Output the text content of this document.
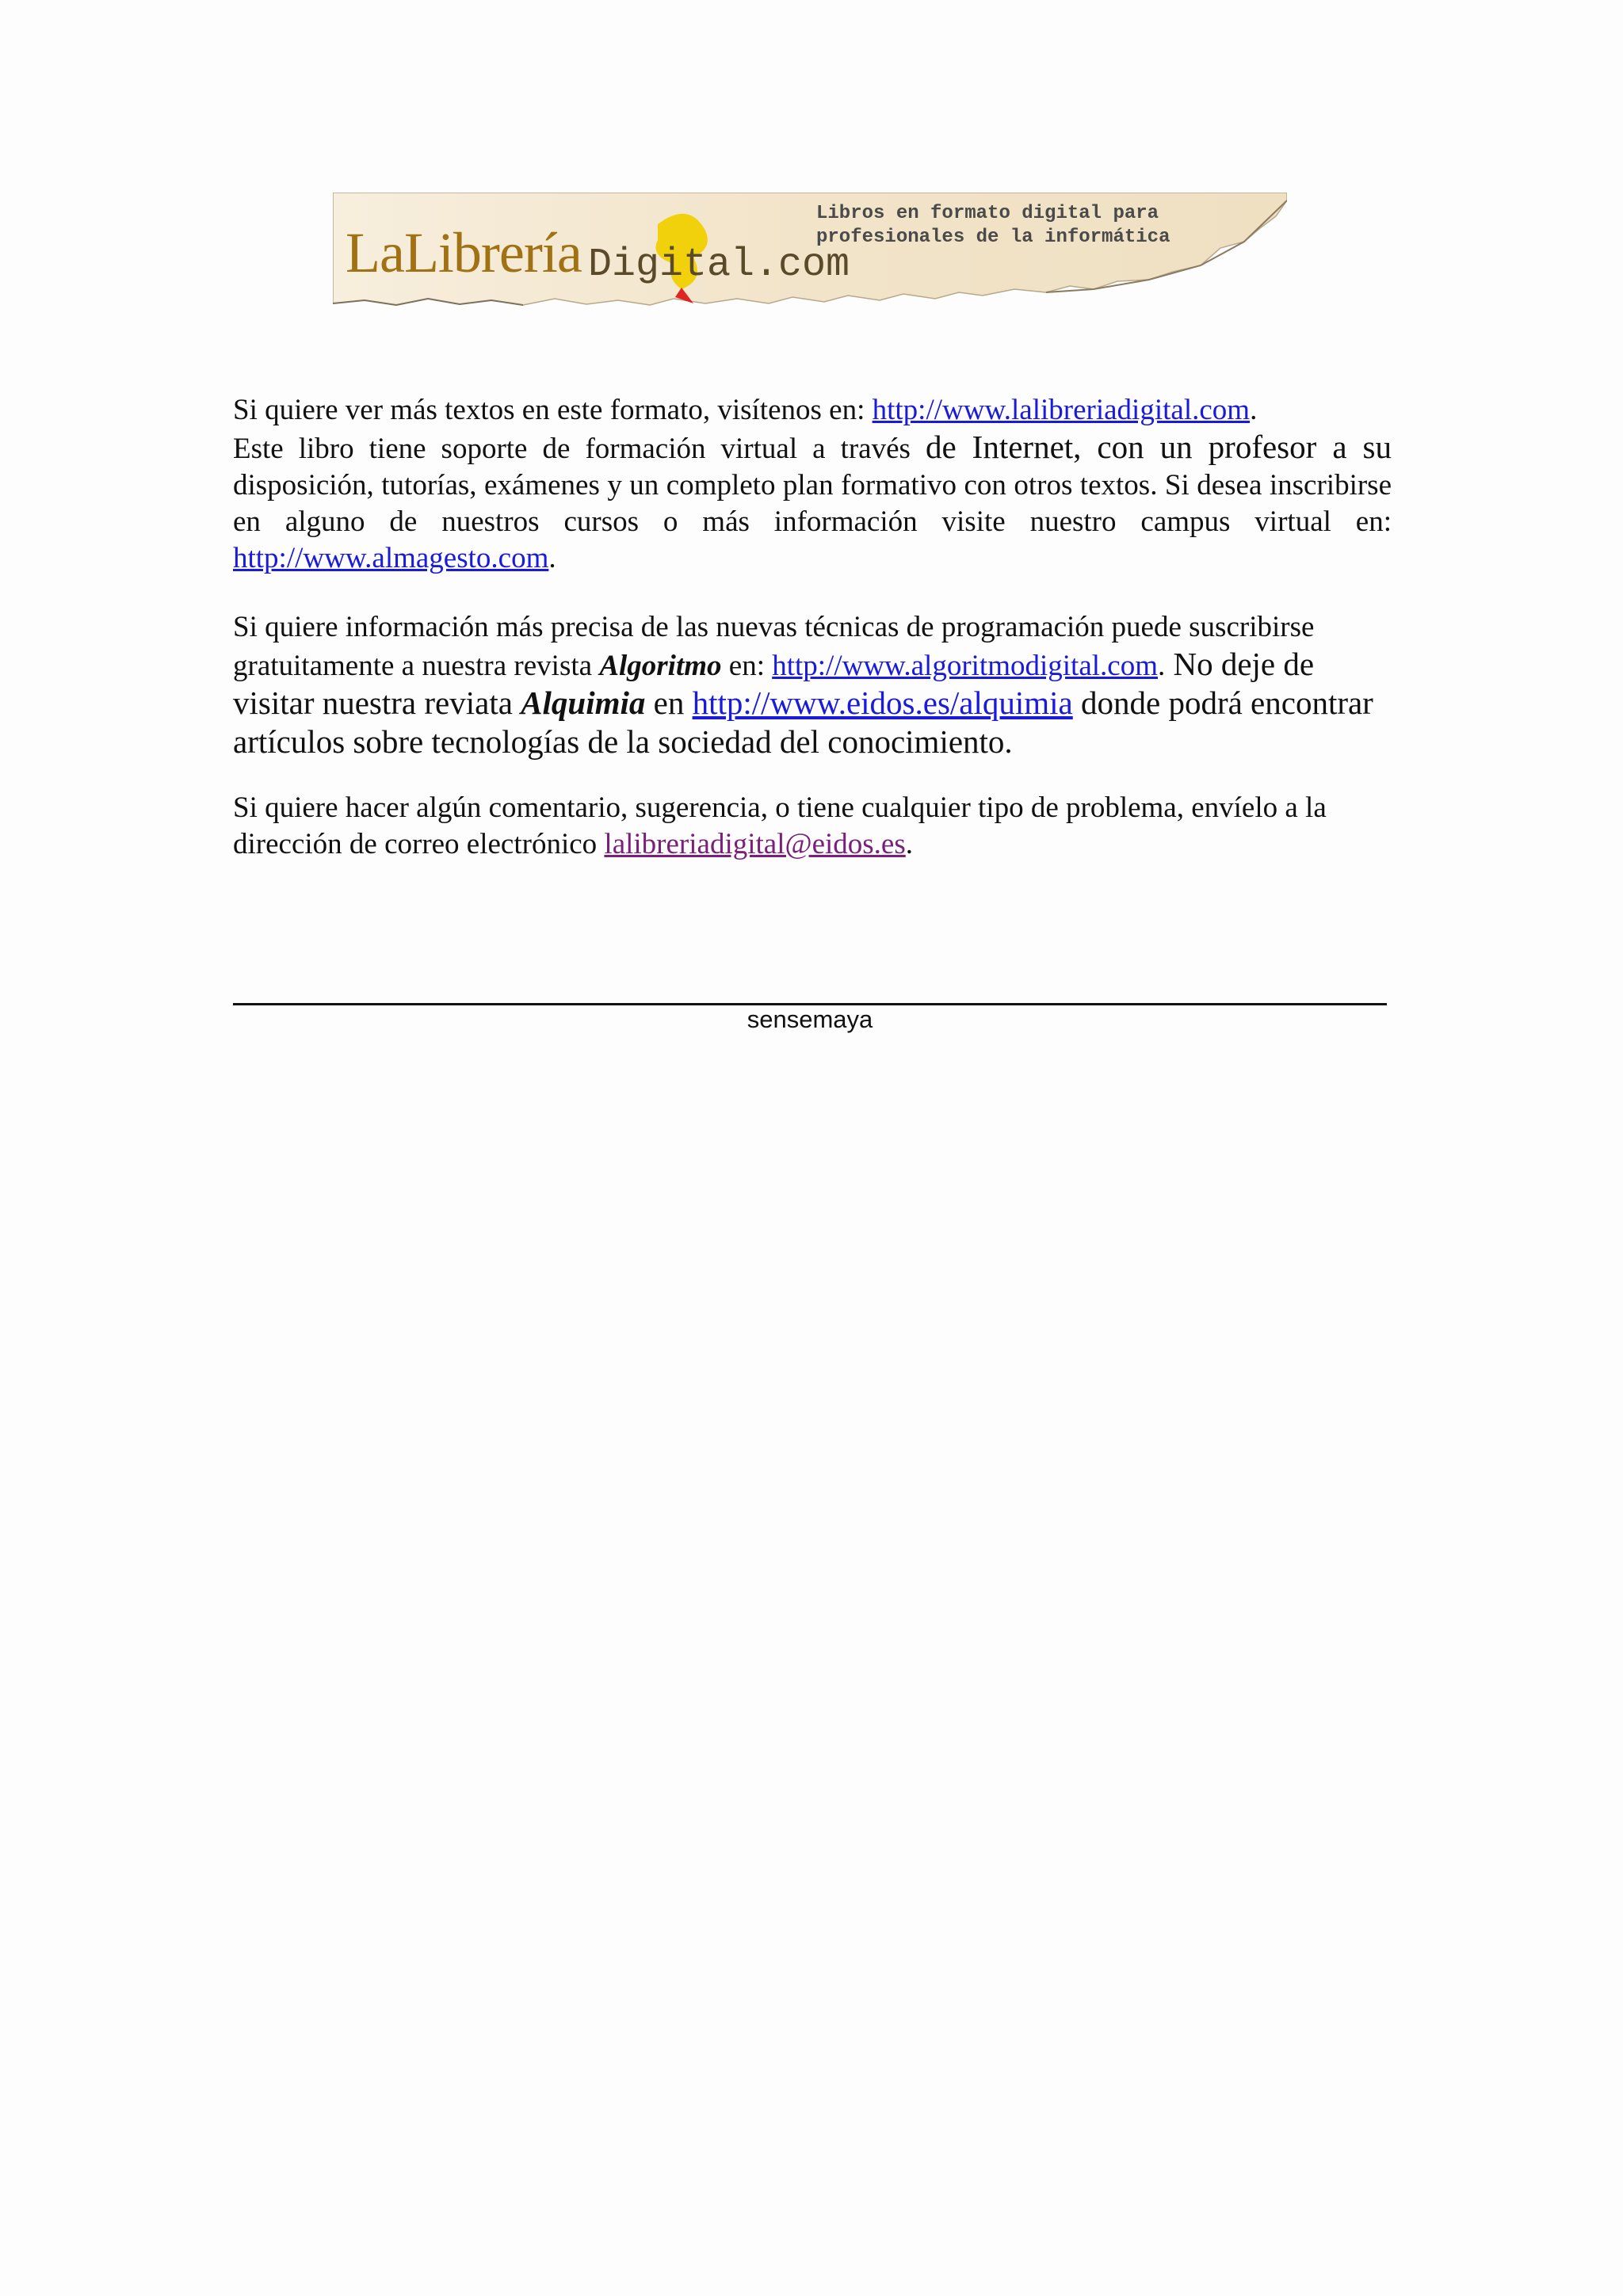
LaLibrería Digital.com
Libros en formato digital para
profesionales de la informática

Si quiere ver más textos en este formato, visítenos en: http://www.lalibreriadigital.com.
Este libro tiene soporte de formación virtual a través de Internet, con un profesor a su disposición, tutorías, exámenes y un completo plan formativo con otros textos. Si desea inscribirse en alguno de nuestros cursos o más información visite nuestro campus virtual en: http://www.almagesto.com.

Si quiere información más precisa de las nuevas técnicas de programación puede suscribirse gratuitamente a nuestra revista Algoritmo en: http://www.algoritmodigital.com. No deje de visitar nuestra reviata Alquimia en http://www.eidos.es/alquimia donde podrá encontrar artículos sobre tecnologías de la sociedad del conocimiento.

Si quiere hacer algún comentario, sugerencia, o tiene cualquier tipo de problema, envíelo a la dirección de correo electrónico lalibreriadigital@eidos.es.

sensemaya
